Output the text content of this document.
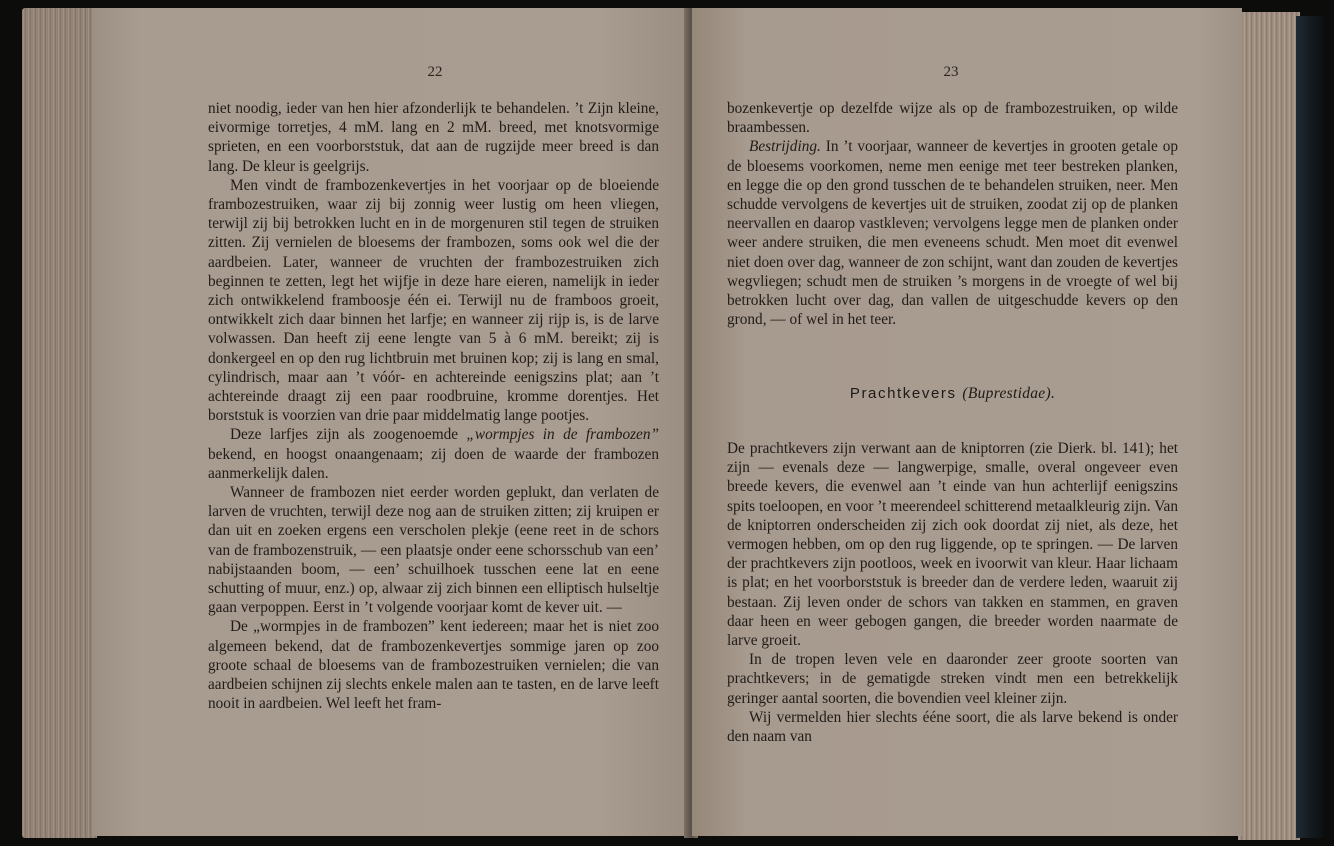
22

niet noodig, ieder van hen hier afzonderlijk te behandelen. ’t Zijn kleine, eivormige torretjes, 4 mM. lang en 2 mM. breed, met knotsvormige sprieten, en een voorborststuk, dat aan de rugzijde meer breed is dan lang. De kleur is geelgrijs.

Men vindt de frambozenkevertjes in het voorjaar op de bloeiende frambozestruiken, waar zij bij zonnig weer lustig om heen vliegen, terwijl zij bij betrokken lucht en in de morgenuren stil tegen de struiken zitten. Zij vernielen de bloesems der frambozen, soms ook wel die der aardbeien. Later, wanneer de vruchten der frambozestruiken zich beginnen te zetten, legt het wijfje in deze hare eieren, namelijk in ieder zich ontwikkelend framboosje één ei. Terwijl nu de framboos groeit, ontwikkelt zich daar binnen het larfje; en wanneer zij rijp is, is de larve volwassen. Dan heeft zij eene lengte van 5 à 6 mM. bereikt; zij is donkergeel en op den rug lichtbruin met bruinen kop; zij is lang en smal, cylindrisch, maar aan ’t vóór- en achtereinde eenigszins plat; aan ’t achtereinde draagt zij een paar roodbruine, kromme dorentjes. Het borststuk is voorzien van drie paar middelmatig lange pootjes.

Deze larfjes zijn als zoogenoemde „wormpjes in de frambozen” bekend, en hoogst onaangenaam; zij doen de waarde der frambozen aanmerkelijk dalen.

Wanneer de frambozen niet eerder worden geplukt, dan verlaten de larven de vruchten, terwijl deze nog aan de struiken zitten; zij kruipen er dan uit en zoeken ergens een verscholen plekje (eene reet in de schors van de frambozenstruik, — een plaatsje onder eene schorsschub van een’ nabijstaanden boom, — een’ schuilhoek tusschen eene lat en eene schutting of muur, enz.) op, alwaar zij zich binnen een elliptisch hulseltje gaan verpoppen. Eerst in ’t volgende voorjaar komt de kever uit. —

De „wormpjes in de frambozen” kent iedereen; maar het is niet zoo algemeen bekend, dat de frambozenkevertjes sommige jaren op zoo groote schaal de bloesems van de frambozestruiken vernielen; die van aardbeien schijnen zij slechts enkele malen aan te tasten, en de larve leeft nooit in aardbeien. Wel leeft het fram-

23

bozenkevertje op dezelfde wijze als op de frambozestruiken, op wilde braambessen.

Bestrijding. In ’t voorjaar, wanneer de kevertjes in grooten getale op de bloesems voorkomen, neme men eenige met teer bestreken planken, en legge die op den grond tusschen de te behandelen struiken, neer. Men schudde vervolgens de kevertjes uit de struiken, zoodat zij op de planken neervallen en daarop vastkleven; vervolgens legge men de planken onder weer andere struiken, die men eveneens schudt. Men moet dit evenwel niet doen over dag, wanneer de zon schijnt, want dan zouden de kevertjes wegvliegen; schudt men de struiken ’s morgens in de vroegte of wel bij betrokken lucht over dag, dan vallen de uitgeschudde kevers op den grond, — of wel in het teer.

Prachtkevers (Buprestidae).

De prachtkevers zijn verwant aan de kniptorren (zie Dierk. bl. 141); het zijn — evenals deze — langwerpige, smalle, overal ongeveer even breede kevers, die evenwel aan ’t einde van hun achterlijf eenigszins spits toeloopen, en voor ’t meerendeel schitterend metaalkleurig zijn. Van de kniptorren onderscheiden zij zich ook doordat zij niet, als deze, het vermogen hebben, om op den rug liggende, op te springen. — De larven der prachtkevers zijn pootloos, week en ivoorwit van kleur. Haar lichaam is plat; en het voorborststuk is breeder dan de verdere leden, waaruit zij bestaan. Zij leven onder de schors van takken en stammen, en graven daar heen en weer gebogen gangen, die breeder worden naarmate de larve groeit.

In de tropen leven vele en daaronder zeer groote soorten van prachtkevers; in de gematigde streken vindt men een betrekkelijk geringer aantal soorten, die bovendien veel kleiner zijn.

Wij vermelden hier slechts ééne soort, die als larve bekend is onder den naam van
